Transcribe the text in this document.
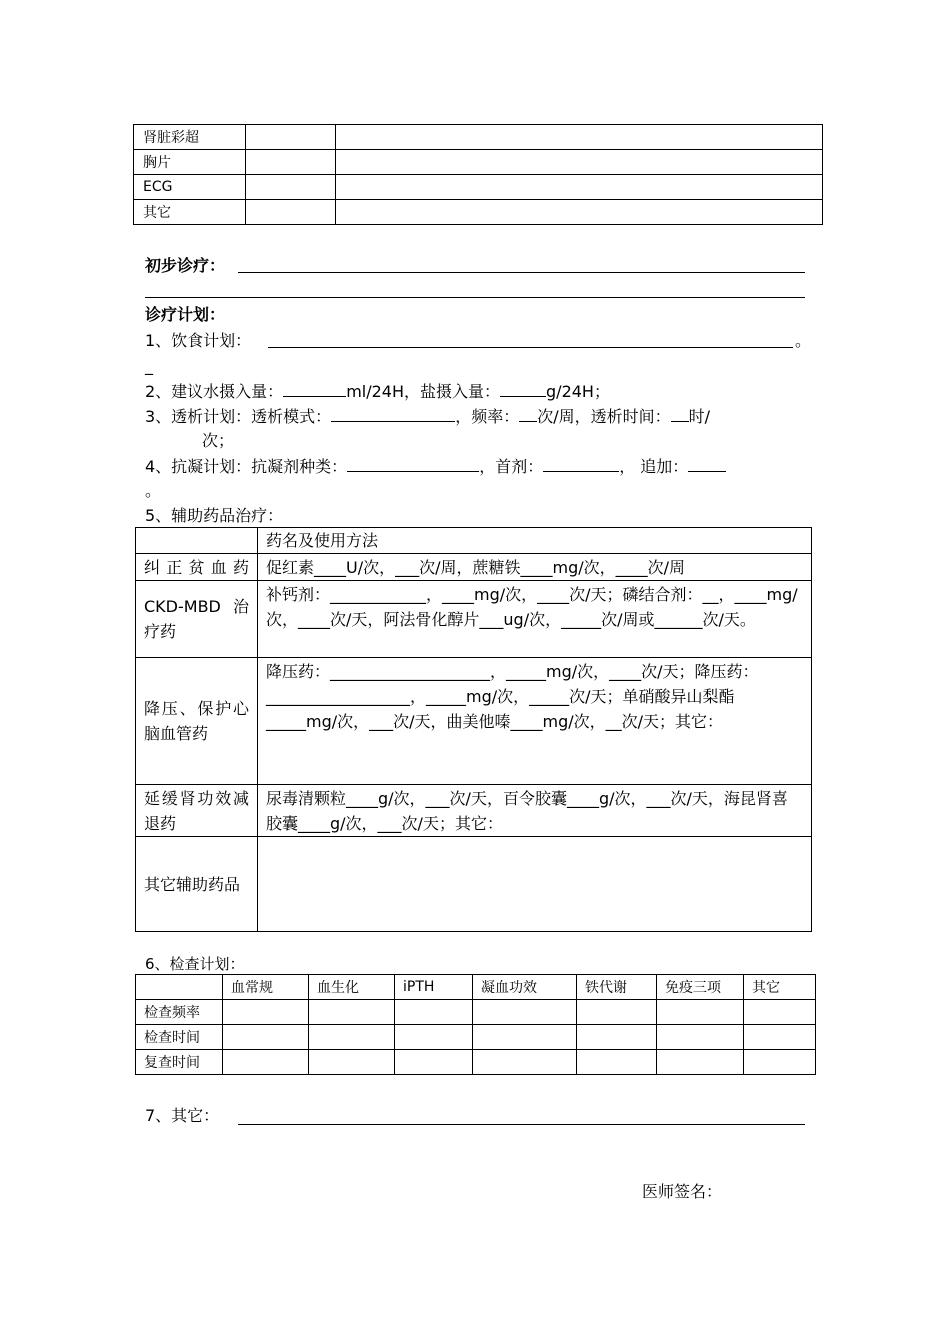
肾脏彩超		
胸片		
ECG		
其它		
初步诊疗：
诊疗计划：
1、饮食计划：	。
_
2、建议水摄入量：	ml/24H，盐摄入量：	g/24H；
3、透析计划：透析模式：	，频率： 次/周，透析时间： 时/
次；
4、抗凝计划：抗凝剂种类：	，首剂：	， 追加：
。
5、辅助药品治疗：
	药名及使用方法
纠正贫血药	促红素____U/次，___次/周，蔗糖铁____mg/次，____次/周
CKD-MBD 治疗药	补钙剂：____________，____mg/次，____次/天；磷结合剂：__，____mg/次，____次/天，阿法骨化醇片___ug/次，_____次/周或______次/天。
降压、保护心脑血管药	降压药：____________________，_____mg/次，____次/天；降压药：__________________，_____mg/次，_____次/天；单硝酸异山梨酯_____mg/次，___次/天，曲美他嗪____mg/次，__次/天；其它：
延缓肾功效减退药	尿毒清颗粒____g/次，___次/天，百令胶囊____g/次，___次/天，海昆肾喜胶囊____g/次，___次/天；其它：
其它辅助药品	
6、检查计划：
	血常规	血生化	iPTH	凝血功效	铁代谢	免疫三项	其它
检查频率							
检查时间							
复查时间							
7、其它：
医师签名：
